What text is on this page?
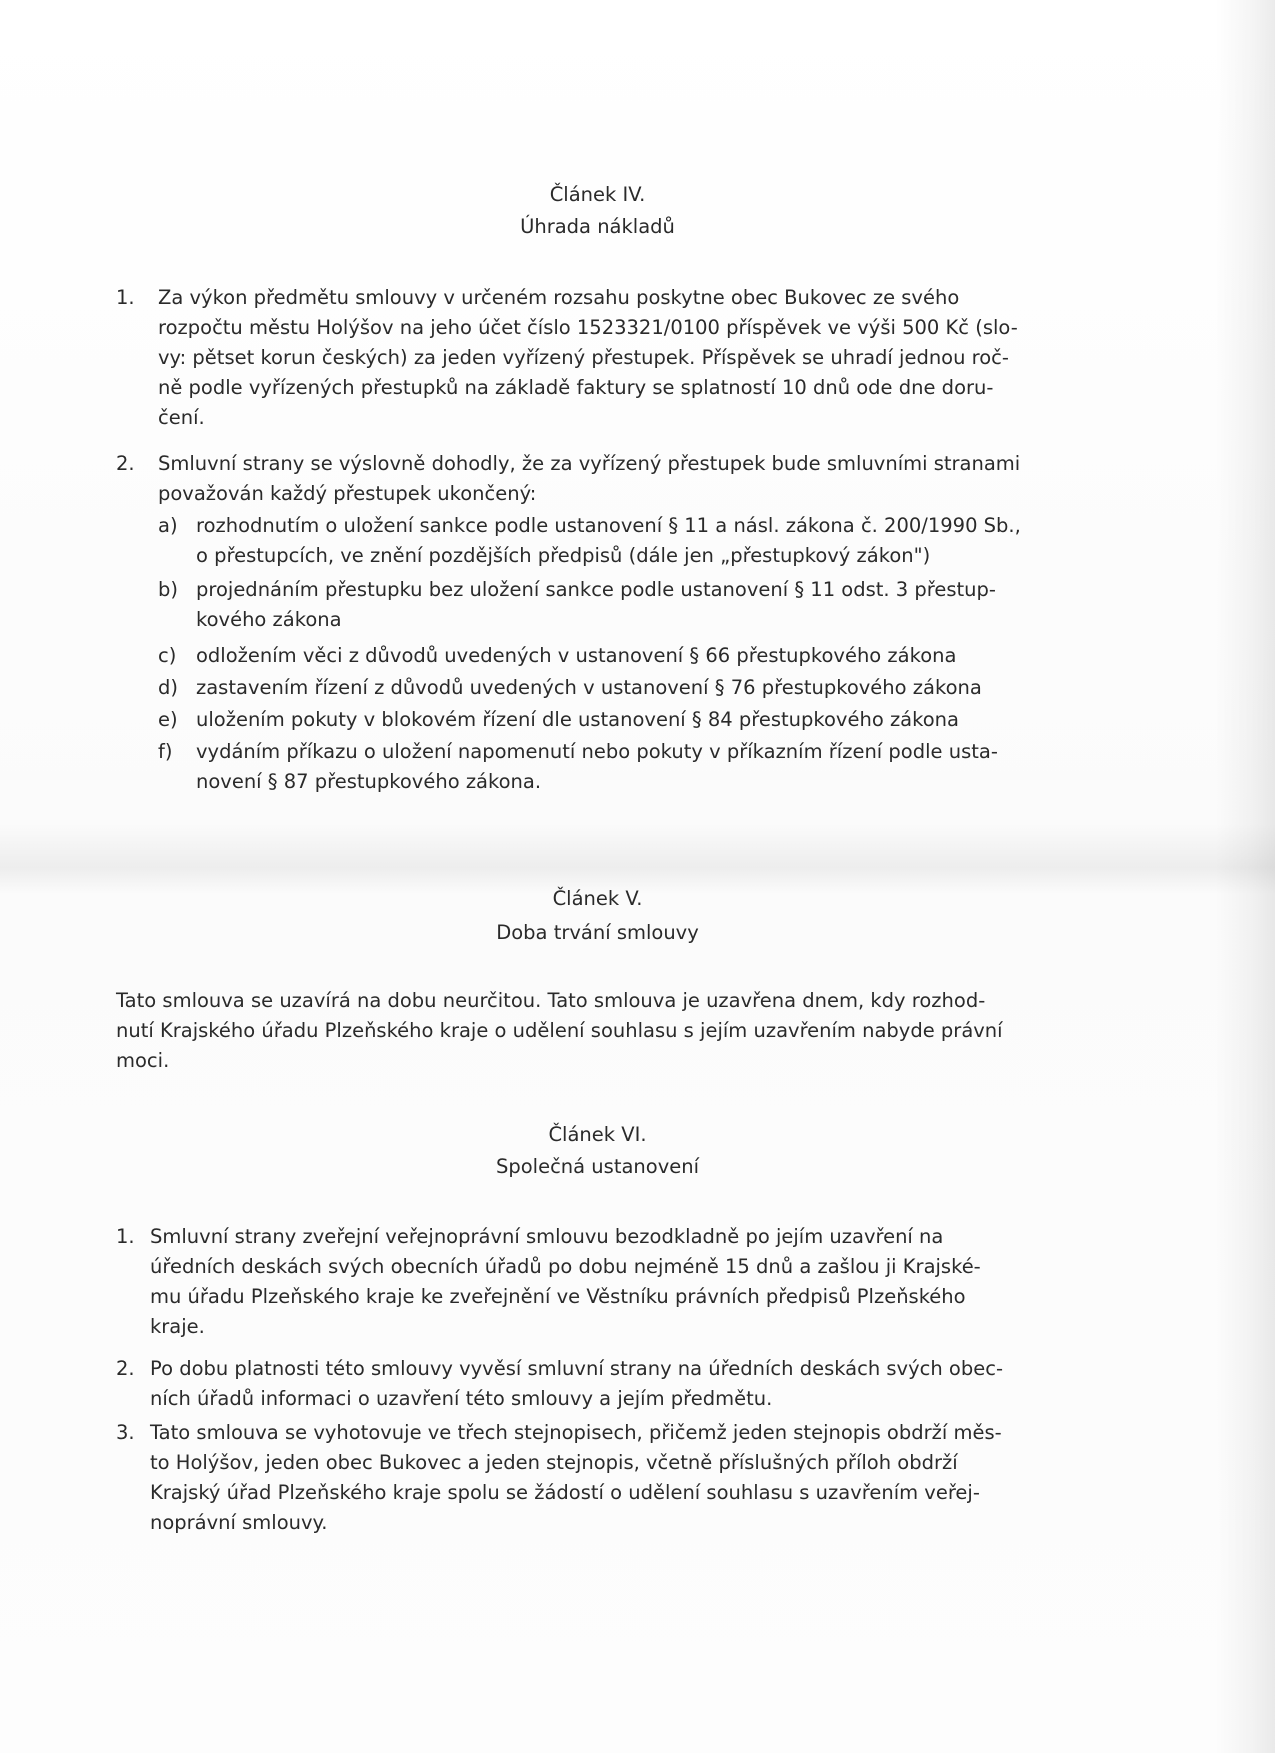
Článek IV.
Úhrada nákladů
1. Za výkon předmětu smlouvy v určeném rozsahu poskytne obec Bukovec ze svého
rozpočtu městu Holýšov na jeho účet číslo 1523321/0100 příspěvek ve výši 500 Kč (slo-
vy: pětset korun českých) za jeden vyřízený přestupek. Příspěvek se uhradí jednou roč-
ně podle vyřízených přestupků na základě faktury se splatností 10 dnů ode dne doru-
čení.
2. Smluvní strany se výslovně dohodly, že za vyřízený přestupek bude smluvními stranami
považován každý přestupek ukončený:
a) rozhodnutím o uložení sankce podle ustanovení § 11 a násl. zákona č. 200/1990 Sb.,
o přestupcích, ve znění pozdějších předpisů (dále jen „přestupkový zákon")
b) projednáním přestupku bez uložení sankce podle ustanovení § 11 odst. 3 přestup-
kového zákona
c) odložením věci z důvodů uvedených v ustanovení § 66 přestupkového zákona
d) zastavením řízení z důvodů uvedených v ustanovení § 76 přestupkového zákona
e) uložením pokuty v blokovém řízení dle ustanovení § 84 přestupkového zákona
f) vydáním příkazu o uložení napomenutí nebo pokuty v příkazním řízení podle usta-
novení § 87 přestupkového zákona.
Článek V.
Doba trvání smlouvy
Tato smlouva se uzavírá na dobu neurčitou. Tato smlouva je uzavřena dnem, kdy rozhod-
nutí Krajského úřadu Plzeňského kraje o udělení souhlasu s jejím uzavřením nabyde právní
moci.
Článek VI.
Společná ustanovení
1. Smluvní strany zveřejní veřejnoprávní smlouvu bezodkladně po jejím uzavření na
úředních deskách svých obecních úřadů po dobu nejméně 15 dnů a zašlou ji Krajské-
mu úřadu Plzeňského kraje ke zveřejnění ve Věstníku právních předpisů Plzeňského
kraje.
2. Po dobu platnosti této smlouvy vyvěsí smluvní strany na úředních deskách svých obec-
ních úřadů informaci o uzavření této smlouvy a jejím předmětu.
3. Tato smlouva se vyhotovuje ve třech stejnopisech, přičemž jeden stejnopis obdrží měs-
to Holýšov, jeden obec Bukovec a jeden stejnopis, včetně příslušných příloh obdrží
Krajský úřad Plzeňského kraje spolu se žádostí o udělení souhlasu s uzavřením veřej-
noprávní smlouvy.
